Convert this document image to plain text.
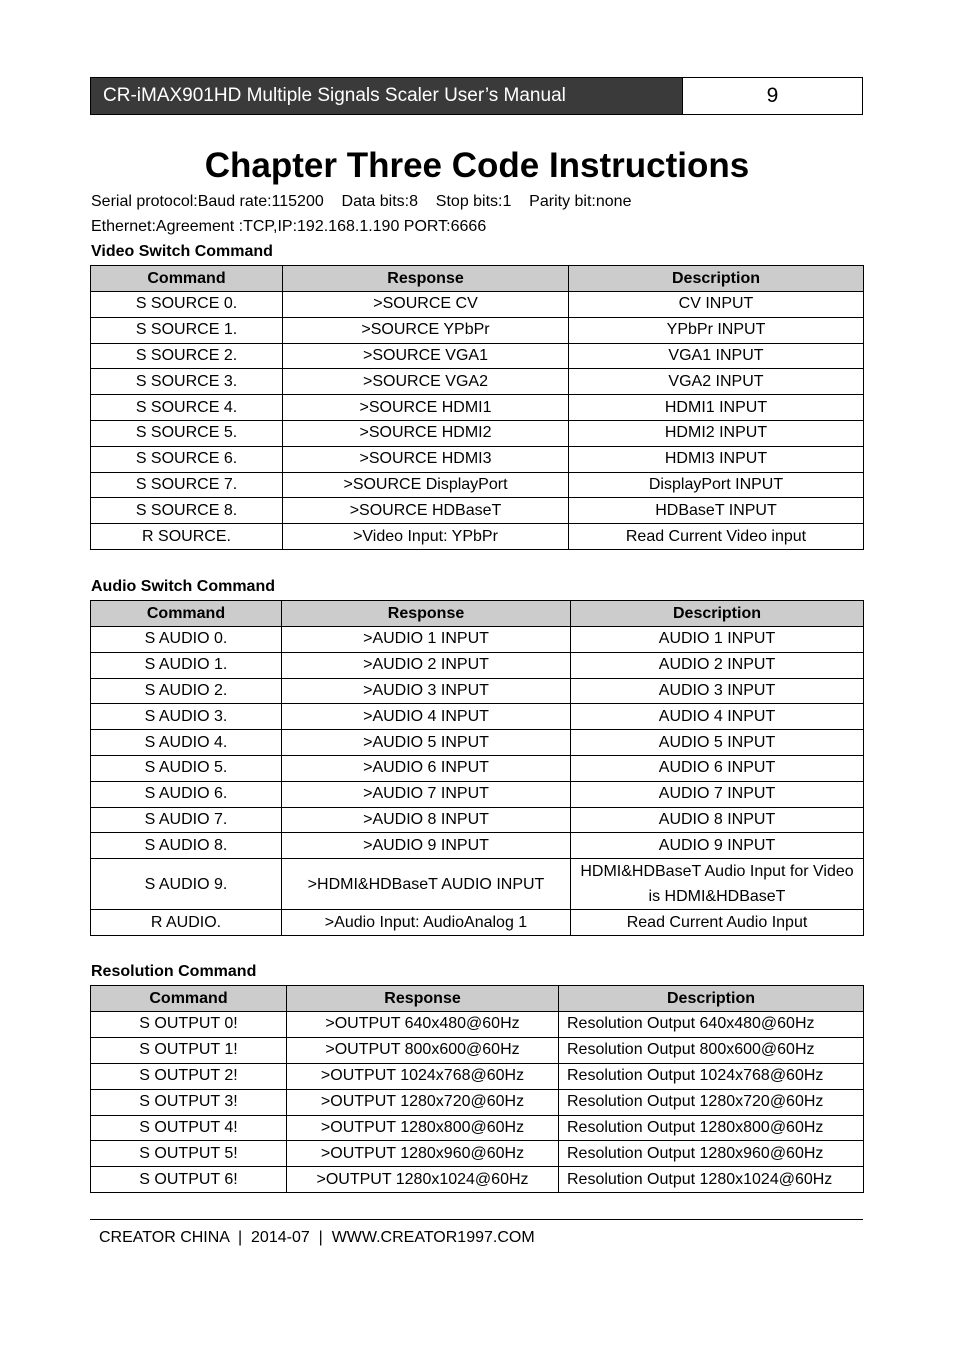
CR-iMAX901HD Multiple Signals Scaler User’s Manual	9
Chapter Three Code Instructions
Serial protocol:Baud rate:115200    Data bits:8    Stop bits:1    Parity bit:none
Ethernet:Agreement :TCP,IP:192.168.1.190 PORT:6666
Video Switch Command
Command	Response	Description
S SOURCE 0.	>SOURCE CV	CV INPUT
S SOURCE 1.	>SOURCE YPbPr	YPbPr INPUT
S SOURCE 2.	>SOURCE VGA1	VGA1 INPUT
S SOURCE 3.	>SOURCE VGA2	VGA2 INPUT
S SOURCE 4.	>SOURCE HDMI1	HDMI1 INPUT
S SOURCE 5.	>SOURCE HDMI2	HDMI2 INPUT
S SOURCE 6.	>SOURCE HDMI3	HDMI3 INPUT
S SOURCE 7.	>SOURCE DisplayPort	DisplayPort INPUT
S SOURCE 8.	>SOURCE HDBaseT	HDBaseT INPUT
R SOURCE.	>Video Input: YPbPr	Read Current Video input
Audio Switch Command
Command	Response	Description
S AUDIO 0.	>AUDIO 1 INPUT	AUDIO 1 INPUT
S AUDIO 1.	>AUDIO 2 INPUT	AUDIO 2 INPUT
S AUDIO 2.	>AUDIO 3 INPUT	AUDIO 3 INPUT
S AUDIO 3.	>AUDIO 4 INPUT	AUDIO 4 INPUT
S AUDIO 4.	>AUDIO 5 INPUT	AUDIO 5 INPUT
S AUDIO 5.	>AUDIO 6 INPUT	AUDIO 6 INPUT
S AUDIO 6.	>AUDIO 7 INPUT	AUDIO 7 INPUT
S AUDIO 7.	>AUDIO 8 INPUT	AUDIO 8 INPUT
S AUDIO 8.	>AUDIO 9 INPUT	AUDIO 9 INPUT
S AUDIO 9.	>HDMI&HDBaseT AUDIO INPUT	HDMI&HDBaseT Audio Input for Video is HDMI&HDBaseT
R AUDIO.	>Audio Input: AudioAnalog 1	Read Current Audio Input
Resolution Command
Command	Response	Description
S OUTPUT 0!	>OUTPUT 640x480@60Hz	Resolution Output 640x480@60Hz
S OUTPUT 1!	>OUTPUT 800x600@60Hz	Resolution Output 800x600@60Hz
S OUTPUT 2!	>OUTPUT 1024x768@60Hz	Resolution Output 1024x768@60Hz
S OUTPUT 3!	>OUTPUT 1280x720@60Hz	Resolution Output 1280x720@60Hz
S OUTPUT 4!	>OUTPUT 1280x800@60Hz	Resolution Output 1280x800@60Hz
S OUTPUT 5!	>OUTPUT 1280x960@60Hz	Resolution Output 1280x960@60Hz
S OUTPUT 6!	>OUTPUT 1280x1024@60Hz	Resolution Output 1280x1024@60Hz
CREATOR CHINA  |  2014-07  |  WWW.CREATOR1997.COM
